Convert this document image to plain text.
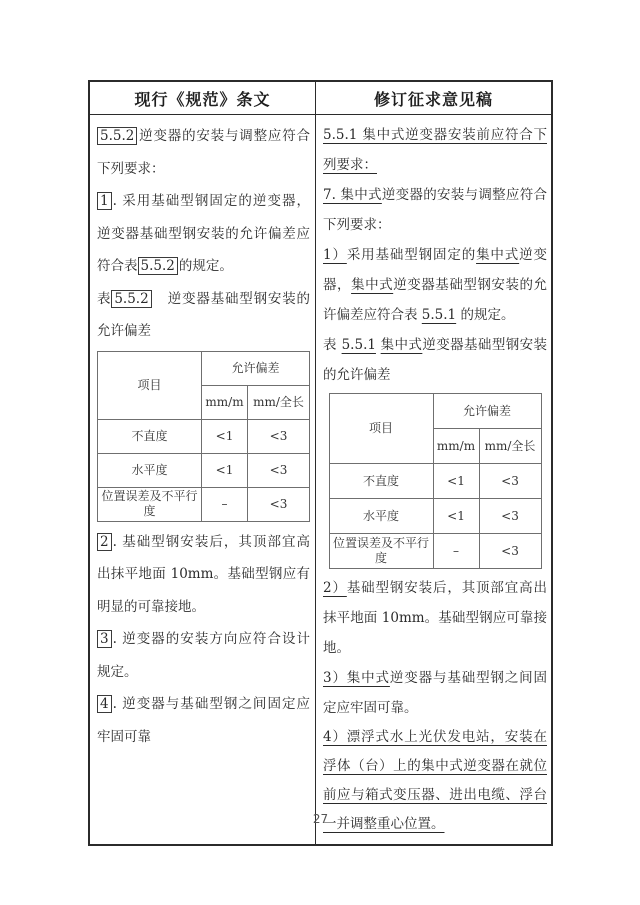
现行《规范》条文	修订征求意见稿

5.5.2 逆变器的安装与调整应符合下列要求：

1 . 采用基础型钢固定的逆变器，逆变器基础型钢安装的允许偏差应符合表 5.5.2 的规定。

表 5.5.2　逆变器基础型钢安装的允许偏差

项目	允许偏差	
	mm/m	mm/全长
不直度	<1	<3
水平度	<1	<3
位置误差及不平行度	–	<3

2 . 基础型钢安装后，其顶部宜高出抹平地面 10mm。基础型钢应有明显的可靠接地。

3 . 逆变器的安装方向应符合设计规定。

4 . 逆变器与基础型钢之间固定应牢固可靠

5.5.1 集中式逆变器安装前应符合下列要求：

7. 集中式逆变器的安装与调整应符合下列要求：

1）采用基础型钢固定的集中式逆变器，集中式逆变器基础型钢安装的允许偏差应符合表 5.5.1 的规定。

表 5.5.1 集中式逆变器基础型钢安装的允许偏差

项目	允许偏差	
	mm/m	mm/全长
不直度	<1	<3
水平度	<1	<3
位置误差及不平行度	–	<3

2）基础型钢安装后，其顶部宜高出抹平地面 10mm。基础型钢应可靠接地。

3）集中式逆变器与基础型钢之间固定应牢固可靠。

4）漂浮式水上光伏发电站，安装在浮体（台）上的集中式逆变器在就位前应与箱式变压器、进出电缆、浮台一并调整重心位置。

27
